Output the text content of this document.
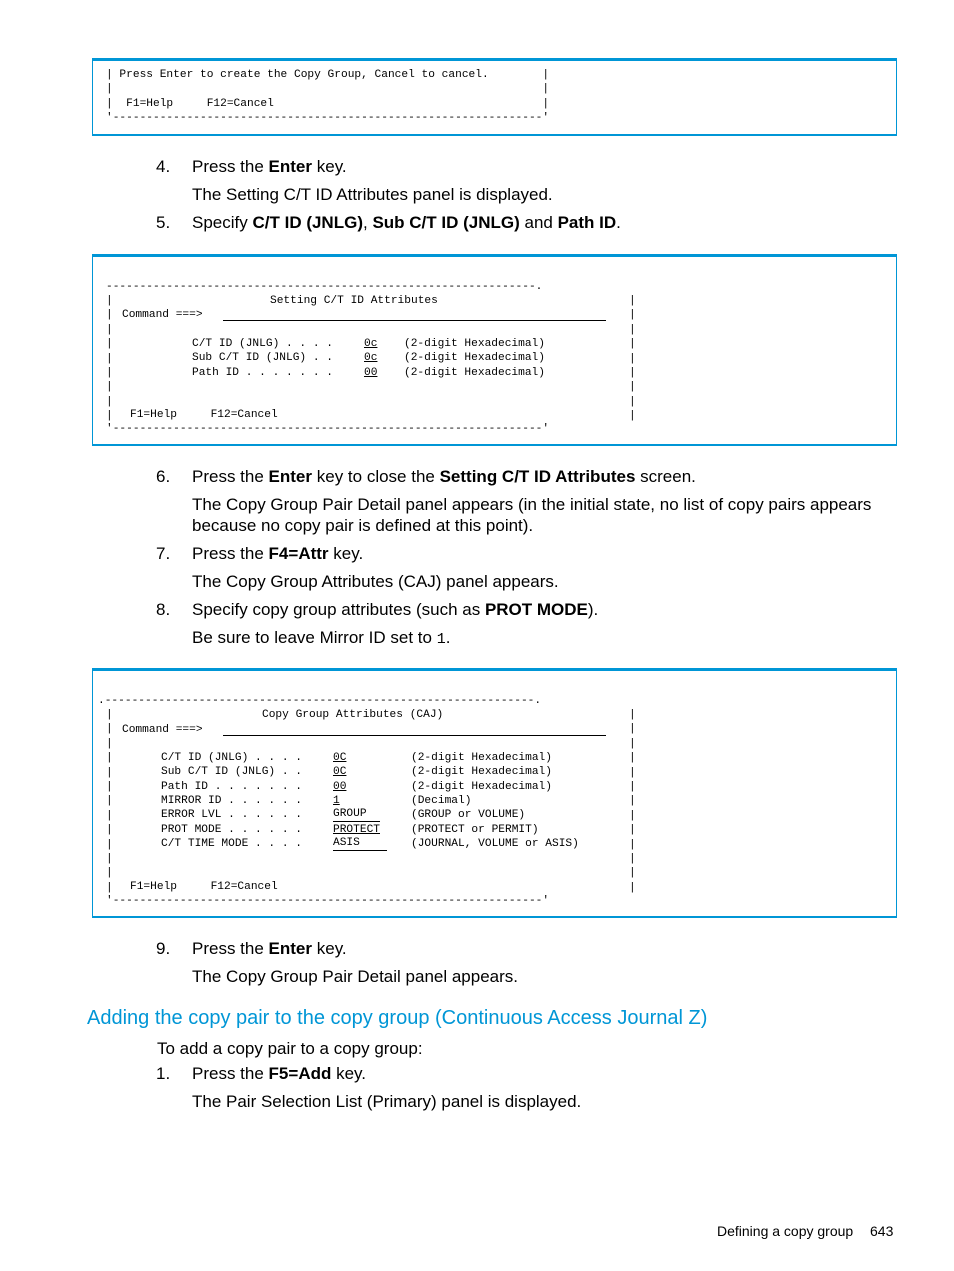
| Press Enter to create the Copy Group, Cancel to cancel.        |
|                                                                |
|  F1=Help     F12=Cancel                                        |
'----------------------------------------------------------------'
4. Press the Enter key.
The Setting C/T ID Attributes panel is displayed.
5. Specify C/T ID (JNLG), Sub C/T ID (JNLG) and Path ID.
----------------------------------------------------------------.
|
|
|
|
|
|
|
|
|
|
|
|
|
|
|
|
|
|
Setting C/T ID Attributes
Command ===>
C/T ID (JNLG) . . . .	0c (2-digit Hexadecimal)
Sub C/T ID (JNLG) . .	0c (2-digit Hexadecimal)
Path ID . . . . . . .	00 (2-digit Hexadecimal)
F1=Help     F12=Cancel
'----------------------------------------------------------------'
6. Press the Enter key to close the Setting C/T ID Attributes screen.
The Copy Group Pair Detail panel appears (in the initial state, no list of copy pairs appears because no copy pair is defined at this point).
7. Press the F4=Attr key.
The Copy Group Attributes (CAJ) panel appears.
8. Specify copy group attributes (such as PROT MODE).
Be sure to leave Mirror ID set to 1.
.----------------------------------------------------------------.
|
|
|
|
|
|
|
|
|
|
|
|
|
|
|
|
|
|
|
|
|
|
|
|
|
|
Copy Group Attributes (CAJ)
Command ===>
C/T ID (JNLG) . . . .	0C	(2-digit Hexadecimal)
Sub C/T ID (JNLG) . .	0C	(2-digit Hexadecimal)
Path ID . . . . . . .	00	(2-digit Hexadecimal)
MIRROR ID . . . . . .	1	(Decimal)
ERROR LVL . . . . . .	GROUP	(GROUP or VOLUME)
PROT MODE . . . . . .	PROTECT	(PROTECT or PERMIT)
C/T TIME MODE . . . .	ASIS	(JOURNAL, VOLUME or ASIS)
F1=Help     F12=Cancel
'----------------------------------------------------------------'
9. Press the Enter key.
The Copy Group Pair Detail panel appears.
Adding the copy pair to the copy group (Continuous Access Journal Z)
To add a copy pair to a copy group:
1. Press the F5=Add key.
The Pair Selection List (Primary) panel is displayed.
Defining a copy group 643
